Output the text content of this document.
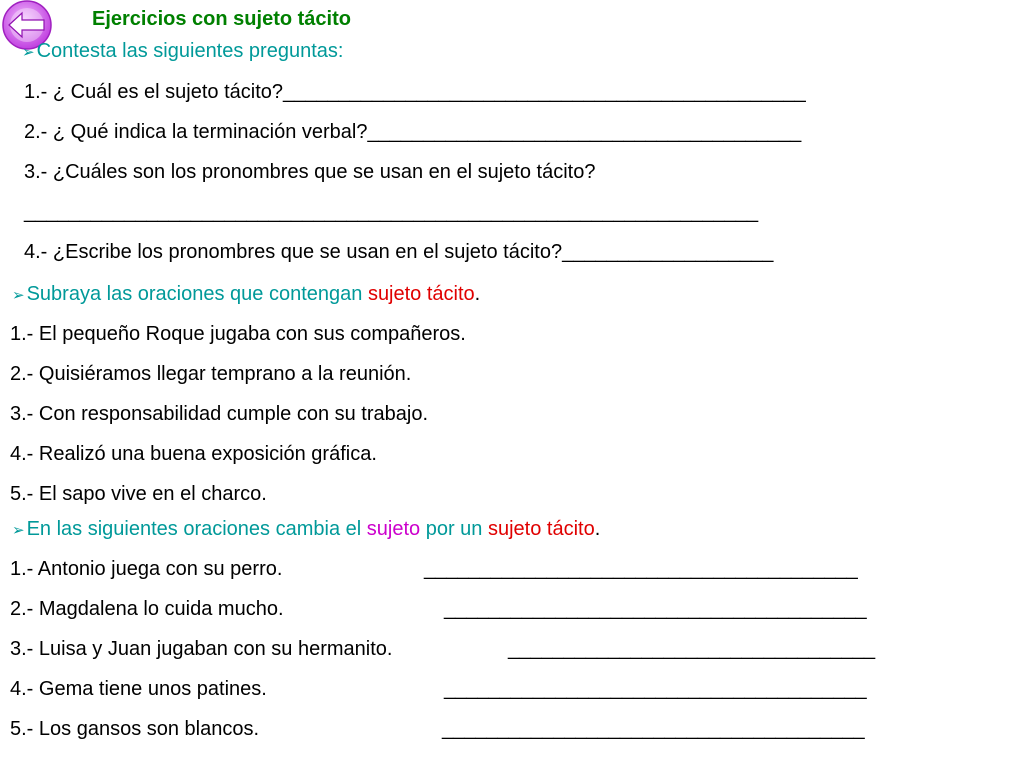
Ejercicios con sujeto tácito
➢ Contesta las siguientes preguntas:
1.- ¿ Cuál es el sujeto tácito?_______________________________________________
2.- ¿ Qué indica la terminación verbal?_______________________________________
3.- ¿Cuáles son los pronombres que se usan en el sujeto tácito?
__________________________________________________________________
4.- ¿Escribe los pronombres que se usan en el sujeto tácito?___________________
➢ Subraya las oraciones que contengan sujeto tácito.
1.- El pequeño Roque jugaba con sus compañeros.
2.- Quisiéramos llegar temprano a la reunión.
3.- Con responsabilidad cumple con su trabajo.
4.- Realizó una buena exposición gráfica.
5.- El sapo vive en el charco.
➢ En las siguientes oraciones cambia el sujeto por un sujeto tácito.
1.- Antonio juega con su perro.	_______________________________________
2.- Magdalena lo cuida mucho.	______________________________________
3.- Luisa y Juan jugaban con su hermanito.	_________________________________
4.- Gema tiene unos patines.	______________________________________
5.- Los gansos son blancos.	______________________________________
